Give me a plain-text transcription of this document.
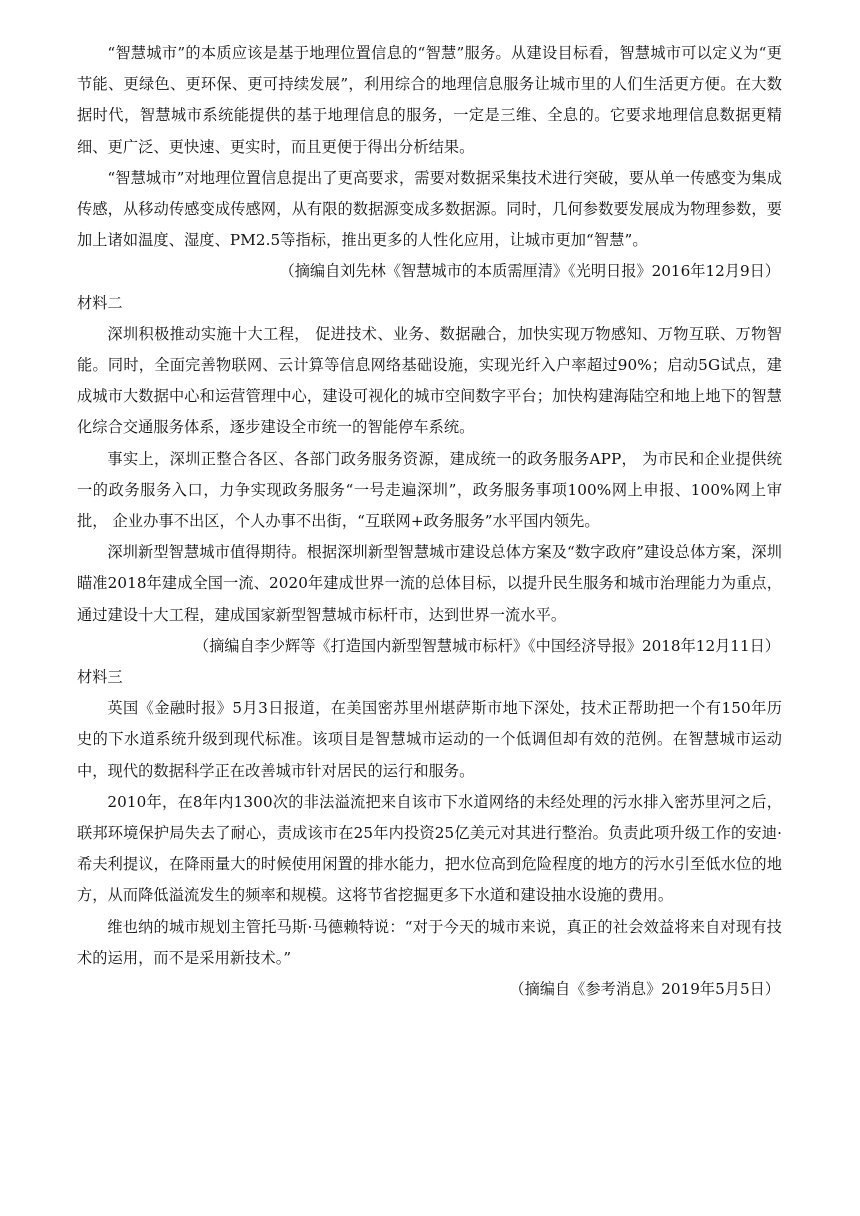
“智慧城市”的本质应该是基于地理位置信息的“智慧”服务。从建设目标看，智慧城市可以定义为“更节能、更绿色、更环保、更可持续发展”，利用综合的地理信息服务让城市里的人们生活更方便。在大数据时代，智慧城市系统能提供的基于地理信息的服务，一定是三维、全息的。它要求地理信息数据更精细、更广泛、更快速、更实时，而且更便于得出分析结果。

“智慧城市”对地理位置信息提出了更高要求，需要对数据采集技术进行突破，要从单一传感变为集成传感，从移动传感变成传感网，从有限的数据源变成多数据源。同时，几何参数要发展成为物理参数，要加上诸如温度、湿度、PM2.5等指标，推出更多的人性化应用，让城市更加“智慧”。

（摘编自刘先林《智慧城市的本质需厘清》《光明日报》2016年12月9日）

材料二

深圳积极推动实施十大工程， 促进技术、业务、数据融合，加快实现万物感知、万物互联、万物智能。同时，全面完善物联网、云计算等信息网络基础设施，实现光纤入户率超过90%；启动5G试点，建成城市大数据中心和运营管理中心，建设可视化的城市空间数字平台；加快构建海陆空和地上地下的智慧化综合交通服务体系，逐步建设全市统一的智能停车系统。

事实上，深圳正整合各区、各部门政务服务资源，建成统一的政务服务APP， 为市民和企业提供统一的政务服务入口，力争实现政务服务“一号走遍深圳”，政务服务事项100%网上申报、100%网上审批， 企业办事不出区，个人办事不出街，“互联网+政务服务”水平国内领先。

深圳新型智慧城市值得期待。根据深圳新型智慧城市建设总体方案及“数字政府”建设总体方案，深圳瞄准2018年建成全国一流、2020年建成世界一流的总体目标，以提升民生服务和城市治理能力为重点，通过建设十大工程，建成国家新型智慧城市标杆市，达到世界一流水平。

（摘编自李少辉等《打造国内新型智慧城市标杆》《中国经济导报》2018年12月11日）

材料三

英国《金融时报》5月3日报道，在美国密苏里州堪萨斯市地下深处，技术正帮助把一个有150年历史的下水道系统升级到现代标准。该项目是智慧城市运动的一个低调但却有效的范例。在智慧城市运动中，现代的数据科学正在改善城市针对居民的运行和服务。

2010年，在8年内1300次的非法溢流把来自该市下水道网络的未经处理的污水排入密苏里河之后，联邦环境保护局失去了耐心，责成该市在25年内投资25亿美元对其进行整治。负责此项升级工作的安迪·希夫利提议，在降雨量大的时候使用闲置的排水能力，把水位高到危险程度的地方的污水引至低水位的地方，从而降低溢流发生的频率和规模。这将节省挖掘更多下水道和建设抽水设施的费用。

维也纳的城市规划主管托马斯·马德赖特说：“对于今天的城市来说，真正的社会效益将来自对现有技术的运用，而不是采用新技术。”

（摘编自《参考消息》2019年5月5日）
